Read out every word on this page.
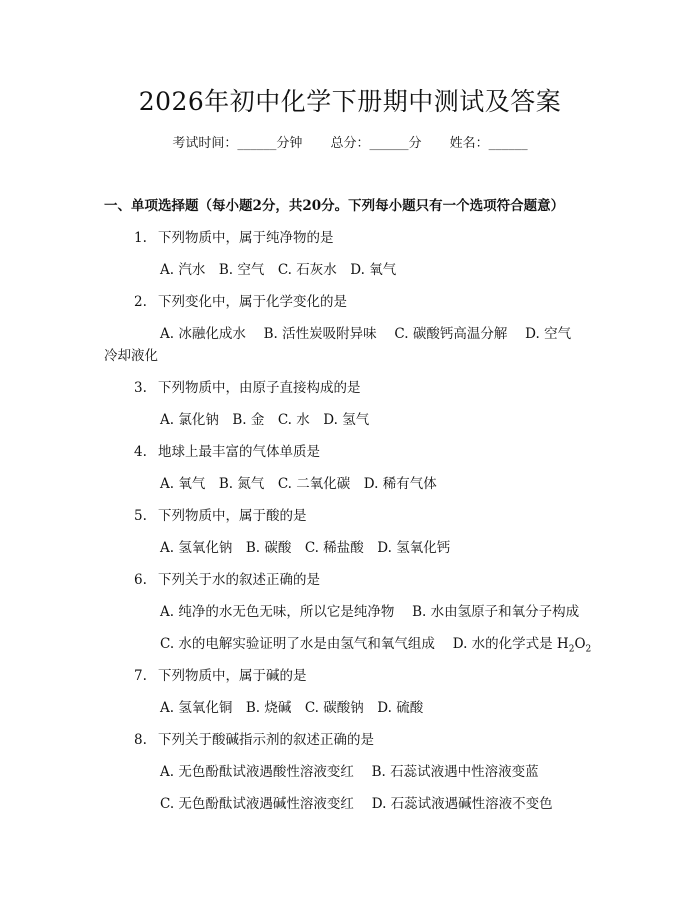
2026年初中化学下册期中测试及答案
考试时间：______分钟 总分：______分 姓名：______
一、单项选择题（每小题2分，共20分。下列每小题只有一个选项符合题意）
1. 下列物质中，属于纯净物的是
A. 汽水　B. 空气　C. 石灰水　D. 氧气
2. 下列变化中，属于化学变化的是
A. 冰融化成水　 B. 活性炭吸附异味　 C. 碳酸钙高温分解　 D. 空气
冷却液化
3. 下列物质中，由原子直接构成的是
A. 氯化钠　B. 金　C. 水　D. 氢气
4. 地球上最丰富的气体单质是
A. 氧气　B. 氮气　C. 二氧化碳　D. 稀有气体
5. 下列物质中，属于酸的是
A. 氢氧化钠　B. 碳酸　C. 稀盐酸　D. 氢氧化钙
6. 下列关于水的叙述正确的是
A. 纯净的水无色无味，所以它是纯净物　 B. 水由氢原子和氧分子构成
C. 水的电解实验证明了水是由氢气和氧气组成　 D. 水的化学式是 $H_2O_2$
7. 下列物质中，属于碱的是
A. 氢氧化铜　B. 烧碱　C. 碳酸钠　D. 硫酸
8. 下列关于酸碱指示剂的叙述正确的是
A. 无色酚酞试液遇酸性溶液变红　 B. 石蕊试液遇中性溶液变蓝
C. 无色酚酞试液遇碱性溶液变红　 D. 石蕊试液遇碱性溶液不变色
